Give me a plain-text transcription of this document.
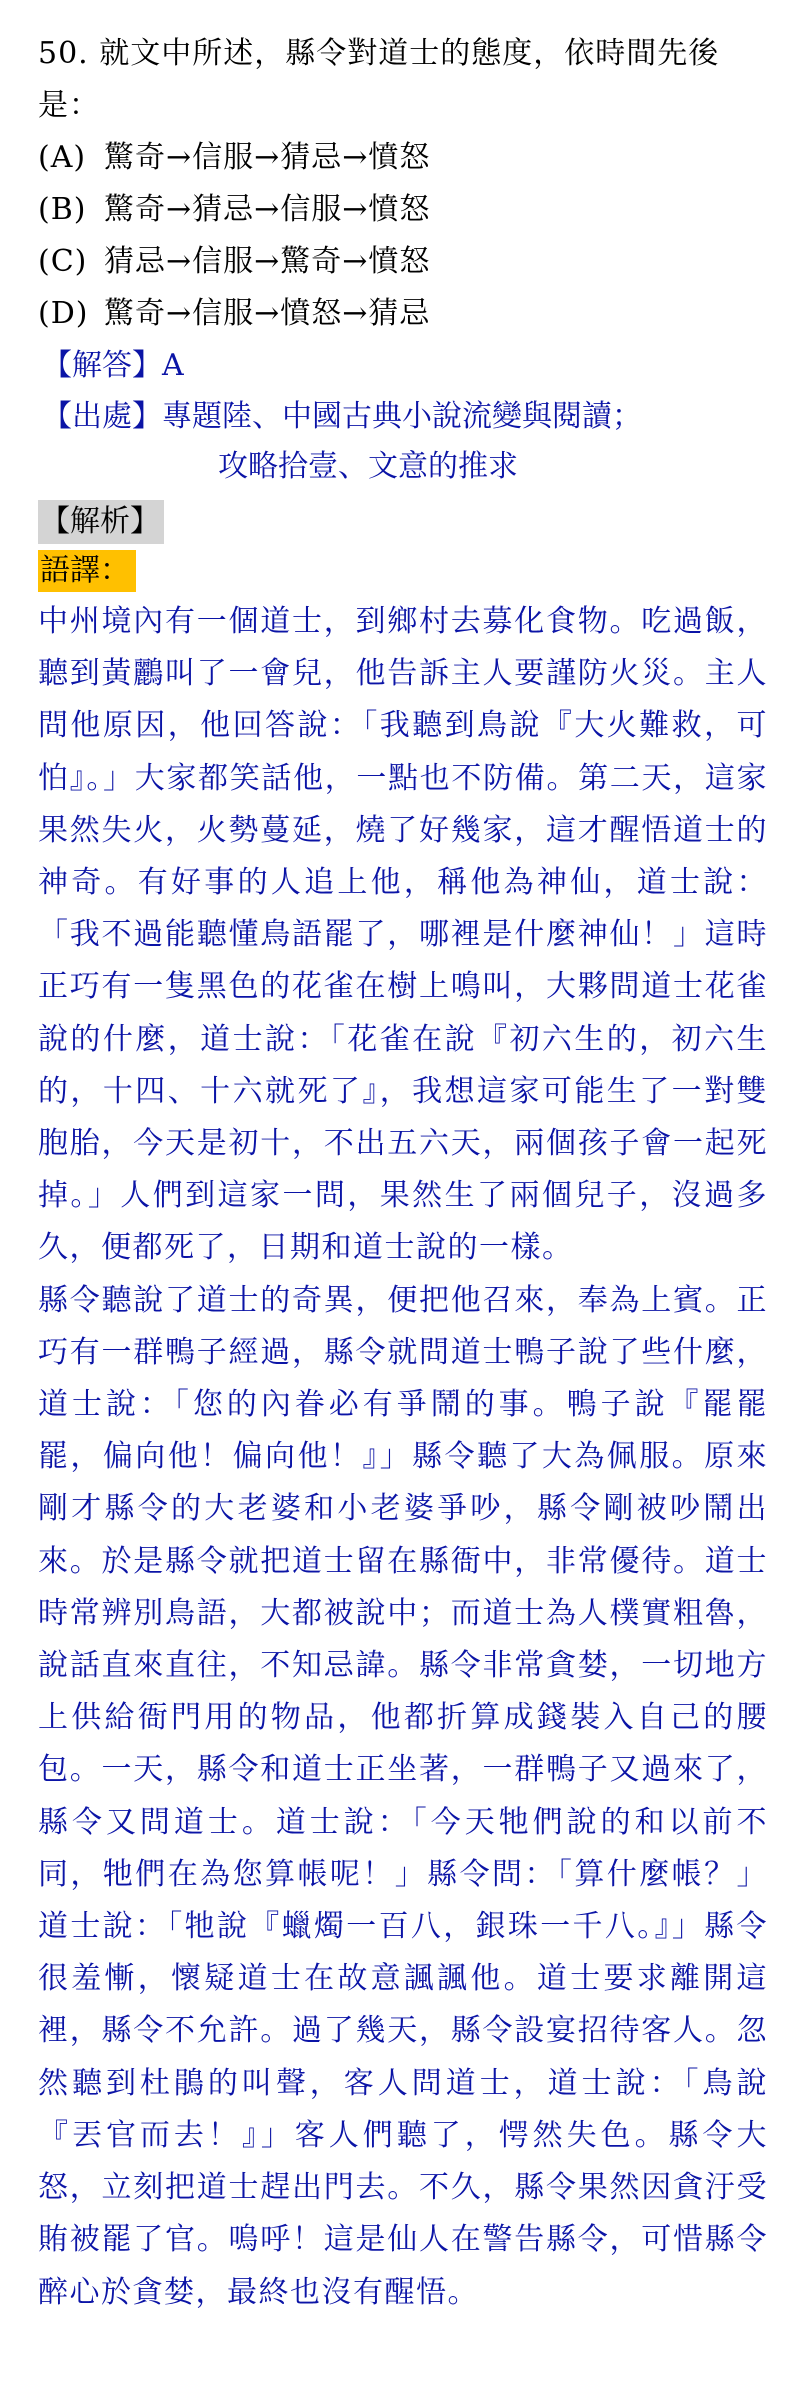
50. 就文中所述，縣令對道士的態度，依時間先後
是：
(A) 驚奇→信服→猜忌→憤怒
(B) 驚奇→猜忌→信服→憤怒
(C) 猜忌→信服→驚奇→憤怒
(D) 驚奇→信服→憤怒→猜忌
【解答】A
【出處】專題陸、中國古典小說流變與閱讀；
攻略拾壹、文意的推求
【解析】
語譯：

中州境內有一個道士，到鄉村去募化食物。吃過飯，聽到黃鸝叫了一會兒，他告訴主人要謹防火災。主人問他原因，他回答說：「我聽到鳥說『大火難救，可怕』。」大家都笑話他，一點也不防備。第二天，這家果然失火，火勢蔓延，燒了好幾家，這才醒悟道士的神奇。有好事的人追上他，稱他為神仙，道士說：「我不過能聽懂鳥語罷了，哪裡是什麼神仙！」這時正巧有一隻黑色的花雀在樹上鳴叫，大夥問道士花雀說的什麼，道士說：「花雀在說『初六生的，初六生的，十四、十六就死了』，我想這家可能生了一對雙胞胎，今天是初十，不出五六天，兩個孩子會一起死掉。」人們到這家一問，果然生了兩個兒子，沒過多久，便都死了，日期和道士說的一樣。

縣令聽說了道士的奇異，便把他召來，奉為上賓。正巧有一群鴨子經過，縣令就問道士鴨子說了些什麼，道士說：「您的內眷必有爭鬧的事。鴨子說『罷罷罷，偏向他！偏向他！』」縣令聽了大為佩服。原來剛才縣令的大老婆和小老婆爭吵，縣令剛被吵鬧出來。於是縣令就把道士留在縣衙中，非常優待。道士時常辨別鳥語，大都被說中；而道士為人樸實粗魯，說話直來直往，不知忌諱。縣令非常貪婪，一切地方上供給衙門用的物品，他都折算成錢裝入自己的腰包。一天，縣令和道士正坐著，一群鴨子又過來了，縣令又問道士。道士說：「今天牠們說的和以前不同，牠們在為您算帳呢！」縣令問：「算什麼帳？」道士說：「牠說『蠟燭一百八，銀珠一千八。』」縣令很羞慚，懷疑道士在故意諷諷他。道士要求離開這裡，縣令不允許。過了幾天，縣令設宴招待客人。忽然聽到杜鵑的叫聲，客人問道士，道士說：「鳥說『丟官而去！』」客人們聽了，愕然失色。縣令大怒，立刻把道士趕出門去。不久，縣令果然因貪汙受賄被罷了官。嗚呼！這是仙人在警告縣令，可惜縣令醉心於貪婪，最終也沒有醒悟。
